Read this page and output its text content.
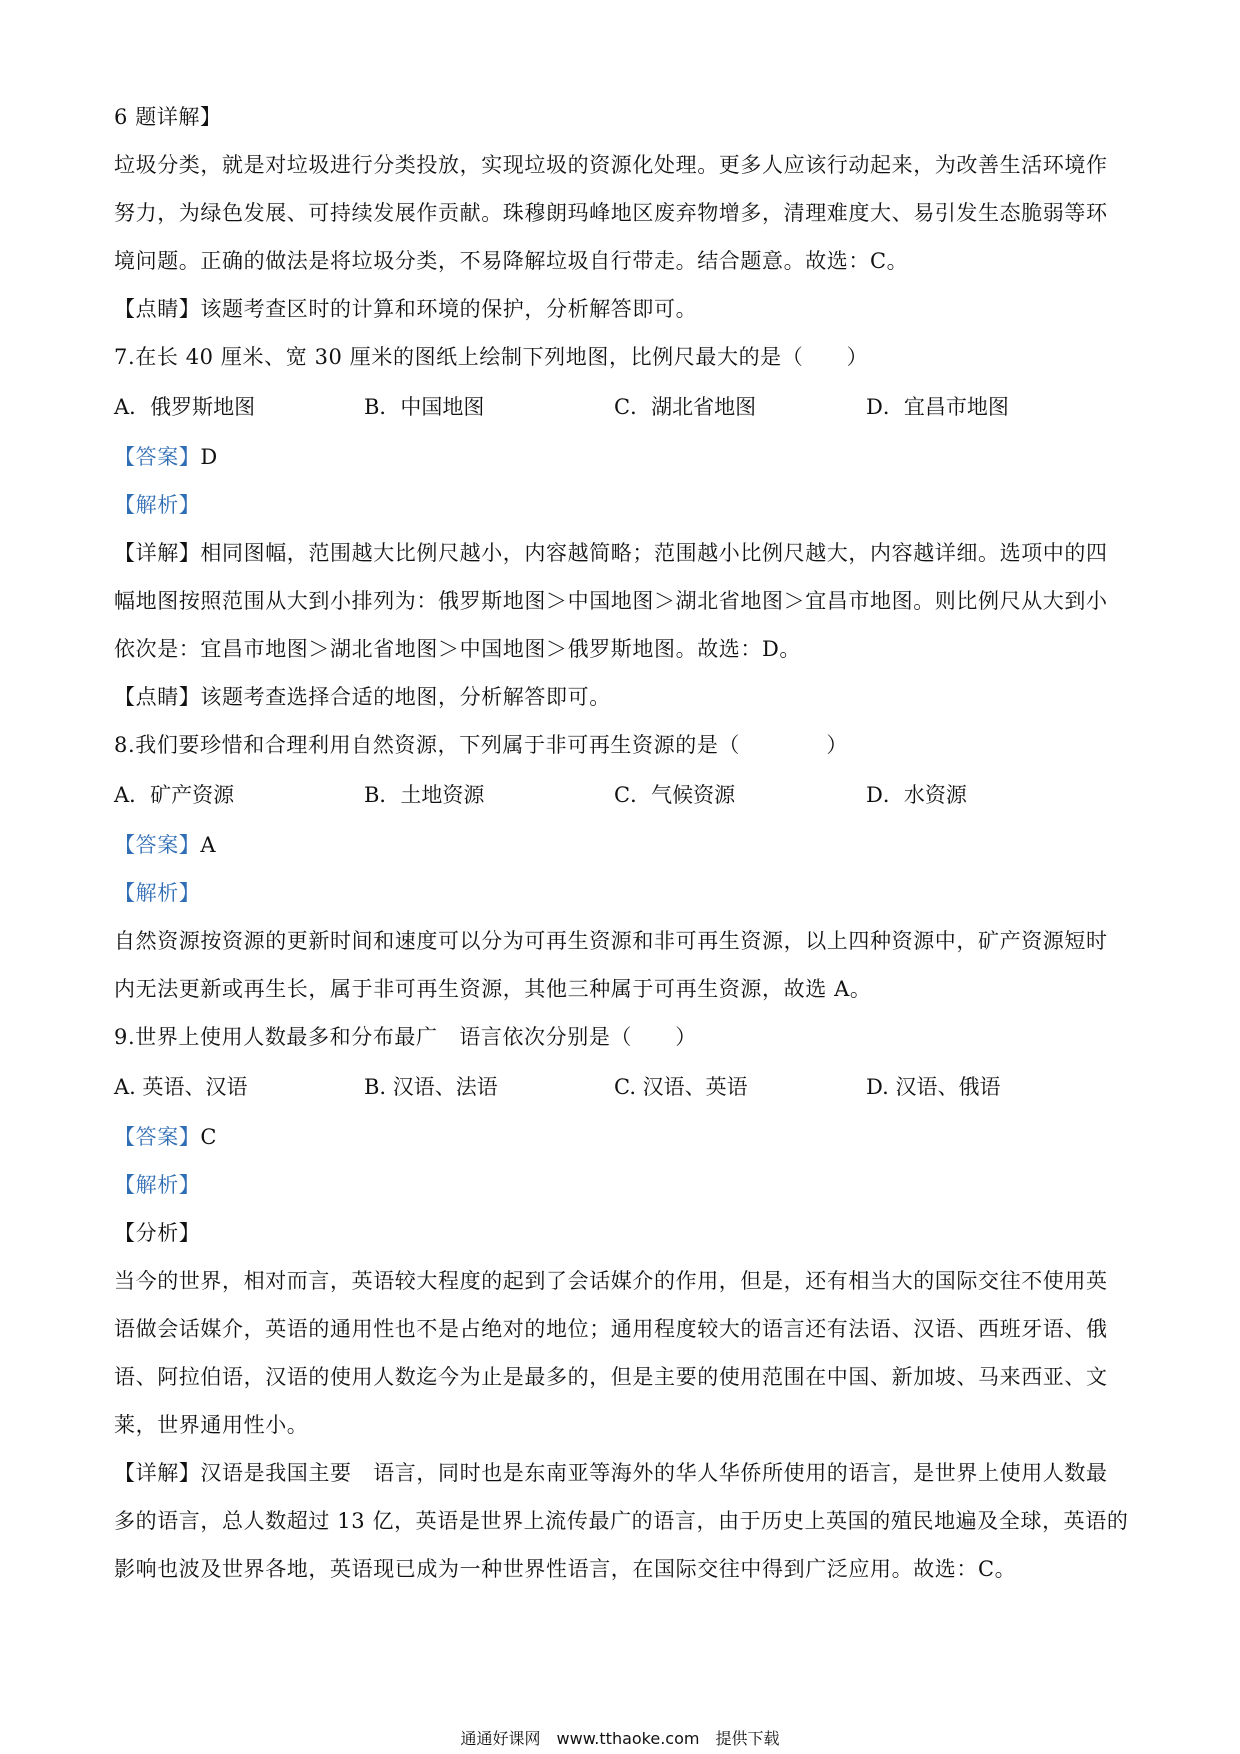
6 题详解】
垃圾分类，就是对垃圾进行分类投放，实现垃圾的资源化处理。更多人应该行动起来，为改善生活环境作
努力，为绿色发展、可持续发展作贡献。珠穆朗玛峰地区废弃物增多，清理难度大、易引发生态脆弱等环
境问题。正确的做法是将垃圾分类，不易降解垃圾自行带走。结合题意。故选：C。
【点睛】该题考查区时的计算和环境的保护，分析解答即可。
7.在长 40 厘米、宽 30 厘米的图纸上绘制下列地图，比例尺最大的是（　　）
A．俄罗斯地图	B．中国地图	C．湖北省地图	D．宜昌市地图
【答案】D
【解析】
【详解】相同图幅，范围越大比例尺越小，内容越简略；范围越小比例尺越大，内容越详细。选项中的四
幅地图按照范围从大到小排列为：俄罗斯地图＞中国地图＞湖北省地图＞宜昌市地图。则比例尺从大到小
依次是：宜昌市地图＞湖北省地图＞中国地图＞俄罗斯地图。故选：D。
【点睛】该题考查选择合适的地图，分析解答即可。
8.我们要珍惜和合理利用自然资源，下列属于非可再生资源的是（　　　　）
A．矿产资源	B．土地资源	C．气候资源	D．水资源
【答案】A
【解析】
自然资源按资源的更新时间和速度可以分为可再生资源和非可再生资源，以上四种资源中，矿产资源短时
内无法更新或再生长，属于非可再生资源，其他三种属于可再生资源，故选 A。
9.世界上使用人数最多和分布最广　语言依次分别是（　　）
A. 英语、汉语	B. 汉语、法语	C. 汉语、英语	D. 汉语、俄语
【答案】C
【解析】
【分析】
当今的世界，相对而言，英语较大程度的起到了会话媒介的作用，但是，还有相当大的国际交往不使用英
语做会话媒介，英语的通用性也不是占绝对的地位；通用程度较大的语言还有法语、汉语、西班牙语、俄
语、阿拉伯语，汉语的使用人数迄今为止是最多的，但是主要的使用范围在中国、新加坡、马来西亚、文
莱，世界通用性小。
【详解】汉语是我国主要　语言，同时也是东南亚等海外的华人华侨所使用的语言，是世界上使用人数最
多的语言，总人数超过 13 亿，英语是世界上流传最广的语言，由于历史上英国的殖民地遍及全球，英语的
影响也波及世界各地，英语现已成为一种世界性语言，在国际交往中得到广泛应用。故选：C。
通通好课网　www.tthaoke.com　提供下载
